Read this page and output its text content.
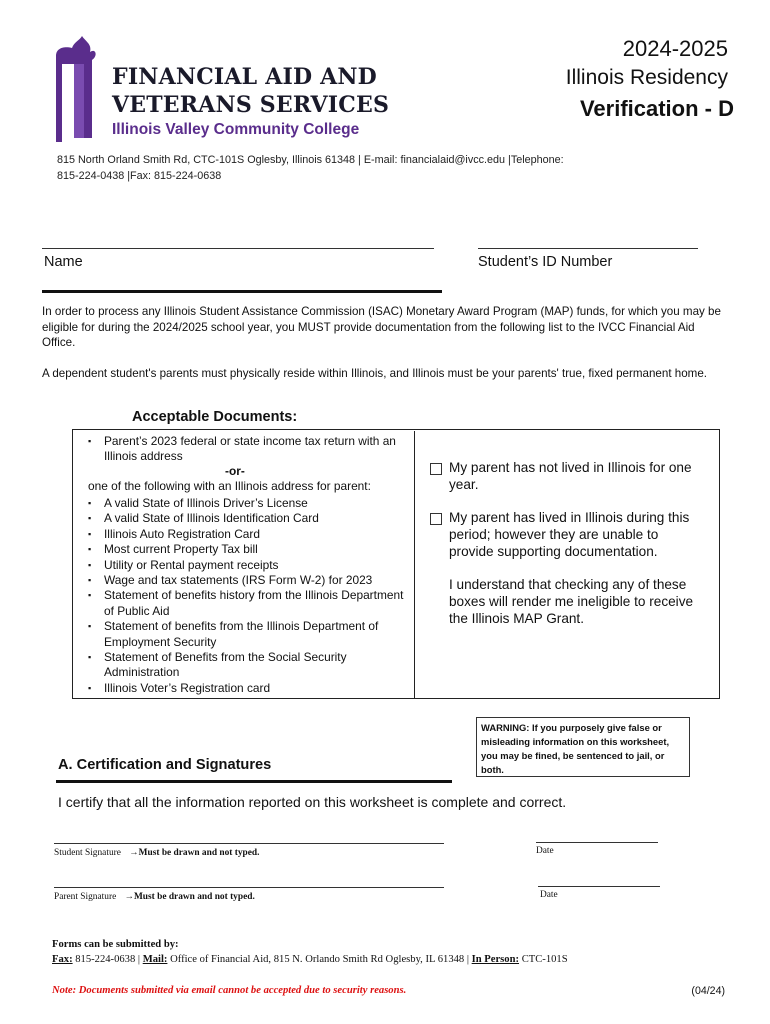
FINANCIAL AID AND
VETERANS SERVICES
Illinois Valley Community College
2024-2025
Illinois Residency
Verification - D
815 North Orland Smith Rd, CTC-101S Oglesby, Illinois 61348 | E-mail: financialaid@ivcc.edu |Telephone:
815-224-0438 |Fax: 815-224-0638
Name	Student’s ID Number
In order to process any Illinois Student Assistance Commission (ISAC) Monetary Award Program (MAP) funds, for which you may be eligible for during the 2024/2025 school year, you MUST provide documentation from the following list to the IVCC Financial Aid Office.
A dependent student's parents must physically reside within Illinois, and Illinois must be your parents' true, fixed permanent home.
Acceptable Documents:
▪ Parent’s 2023 federal or state income tax return with an Illinois address
-or-
one of the following with an Illinois address for parent:
▪ A valid State of Illinois Driver’s License
▪ A valid State of Illinois Identification Card
▪ Illinois Auto Registration Card
▪ Most current Property Tax bill
▪ Utility or Rental payment receipts
▪ Wage and tax statements (IRS Form W-2) for 2023
▪ Statement of benefits history from the Illinois Department of Public Aid
▪ Statement of benefits from the Illinois Department of Employment Security
▪ Statement of Benefits from the Social Security Administration
▪ Illinois Voter’s Registration card
My parent has not lived in Illinois for one year.
My parent has lived in Illinois during this period; however they are unable to provide supporting documentation.
I understand that checking any of these boxes will render me ineligible to receive the Illinois MAP Grant.
WARNING: If you purposely give false or misleading information on this worksheet, you may be fined, be sentenced to jail, or both.
A. Certification and Signatures
I certify that all the information reported on this worksheet is complete and correct.
Student Signature →Must be drawn and not typed.	Date
Parent Signature →Must be drawn and not typed.	Date
Forms can be submitted by:
Fax: 815-224-0638 | Mail: Office of Financial Aid, 815 N. Orlando Smith Rd Oglesby, IL 61348 | In Person: CTC-101S
Note: Documents submitted via email cannot be accepted due to security reasons.	(04/24)
